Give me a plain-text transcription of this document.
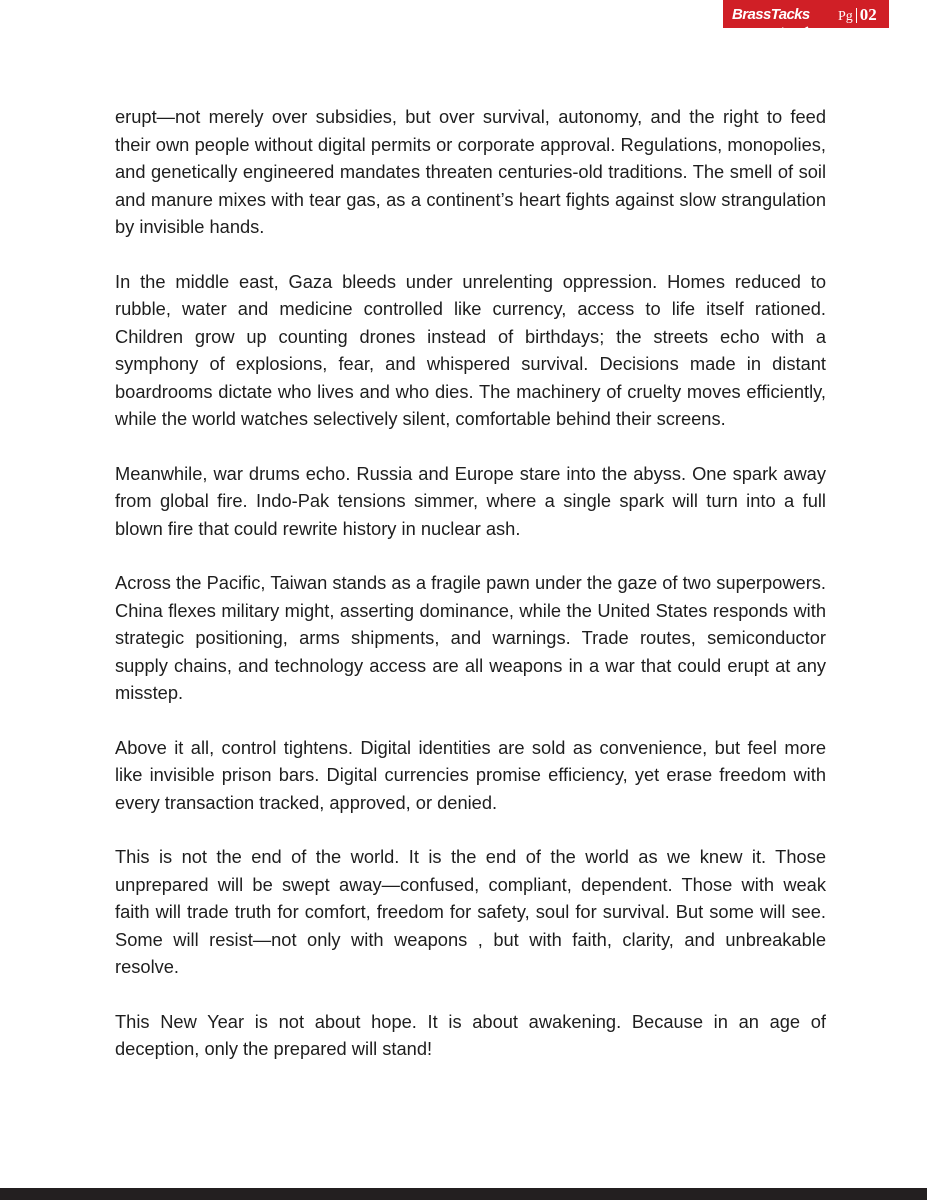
BrassTacks Pg 02

erupt—not merely over subsidies, but over survival, autonomy, and the right to feed their own people without digital permits or corporate approval. Regulations, monopolies, and genetically engineered mandates threaten centuries-old traditions. The smell of soil and manure mixes with tear gas, as a continent’s heart fights against slow strangulation by invisible hands.

In the middle east, Gaza bleeds under unrelenting oppression. Homes reduced to rubble, water and medicine controlled like currency, access to life itself rationed. Children grow up counting drones instead of birthdays; the streets echo with a symphony of explosions, fear, and whispered survival. Decisions made in distant boardrooms dictate who lives and who dies. The machinery of cruelty moves efficiently, while the world watches selectively silent, comfortable behind their screens.

Meanwhile, war drums echo. Russia and Europe stare into the abyss. One spark away from global fire. Indo-Pak tensions simmer, where a single spark will turn into a full blown fire that could rewrite history in nuclear ash.

Across the Pacific, Taiwan stands as a fragile pawn under the gaze of two superpowers. China flexes military might, asserting dominance, while the United States responds with strategic positioning, arms shipments, and warnings. Trade routes, semiconductor supply chains, and technology access are all weapons in a war that could erupt at any misstep.

Above it all, control tightens. Digital identities are sold as convenience, but feel more like invisible prison bars. Digital currencies promise efficiency, yet erase freedom with every transaction tracked, approved, or denied.

This is not the end of the world. It is the end of the world as we knew it. Those unprepared will be swept away—confused, compliant, dependent. Those with weak faith will trade truth for comfort, freedom for safety, soul for survival. But some will see. Some will resist—not only with weapons , but with faith, clarity, and unbreakable resolve.

This New Year is not about hope. It is about awakening. Because in an age of deception, only the prepared will stand!
